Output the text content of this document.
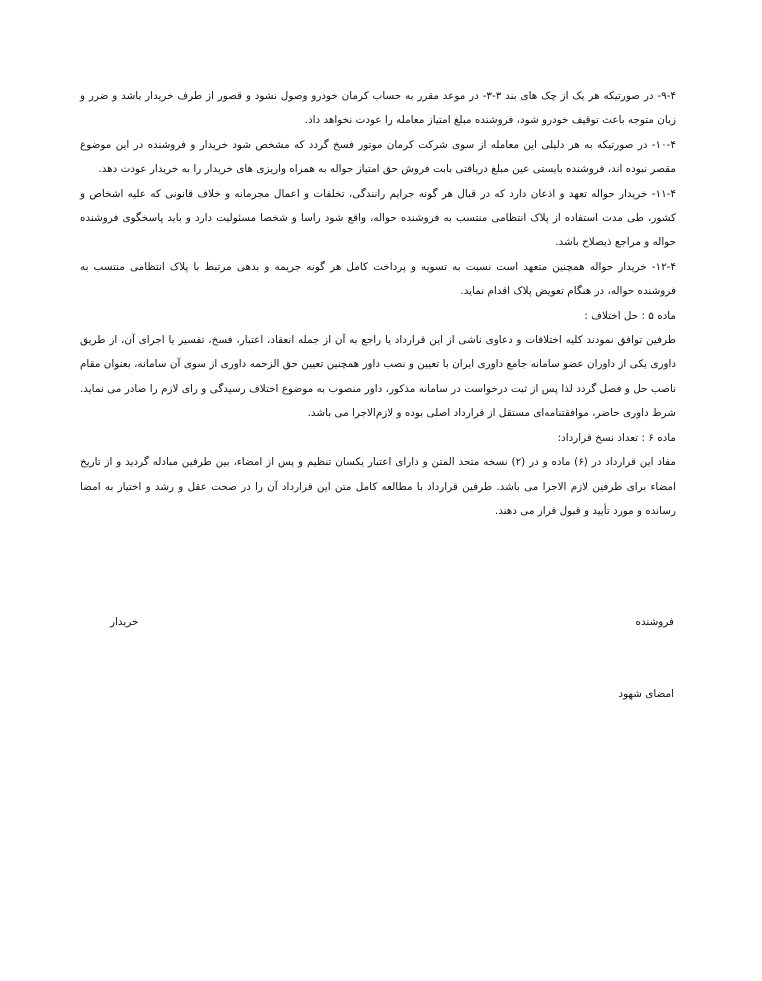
۹-۴- در صورتیکه هر یک از چک های بند ۳-۳- در موعد مقرر به حساب کرمان خودرو وصول نشود و قصور از طرف خریدار باشد و ضرر و زیان متوجه باعث توقیف خودرو شود، فروشنده مبلغ امتیاز معامله را عودت نخواهد داد.

۱۰-۴- در صورتیکه به هر دلیلی این معامله از سوی شرکت کرمان موتور فسخ گردد که مشخص شود خریدار و فروشنده در این موضوع مقصر نبوده اند، فروشنده بایستی عین مبلغ دریافتی بابت فروش حق امتیاز حواله به همراه واریزی های خریدار را به خریدار عودت دهد.

۱۱-۴- خریدار حواله تعهد و اذعان دارد که در قبال هر گونه جرایم رانندگی، تخلفات و اعمال مجرمانه و خلاف قانونی که علیه اشخاص و کشور، طی مدت استفاده از پلاک انتظامی منتسب به فروشنده حواله، واقع شود راسا و شخصا مسئولیت دارد و باید پاسخگوی فروشنده حواله و مراجع ذیصلاح باشد.

۱۲-۴- خریدار حواله همچنین متعهد است نسبت به تسویه و پرداخت کامل هر گونه جریمه و بدهی مرتبط با پلاک انتظامی منتسب به فروشنده حواله، در هنگام تعویض پلاک اقدام نماید.

ماده ۵ : حل اختلاف :

طرفین توافق نمودند کلیه اختلافات و دعاوی ناشی از این قرارداد یا راجع به آن از جمله انعقاد، اعتبار، فسخ، تفسیر یا اجرای آن، از طریق داوری یکی از داوران عضو سامانه جامع داوری ایران با تعیین و نصب داور همچنین تعیین حق الزحمه داوری از سوی آن سامانه، بعنوان مقام ناصب حل و فصل گردد لذا پس از ثبت درخواست در سامانه مذکور، داور منصوب به موضوع اختلاف رسیدگی و رای لازم را صادر می نماید. شرط داوری حاضر، موافقتنامه‌ای مستقل از قرارداد اصلی بوده و لازم‌الاجرا می باشد.

ماده ۶ : تعداد نسخ قرارداد:

مفاد این قرارداد در (۶) ماده و در (۲) نسخه متحد المتن و دارای اعتبار یکسان تنظیم و پس از امضاء، بین طرفین مبادله گردید و از تاریخ امضاء برای طرفین لازم الاجرا می باشد. طرفین قرارداد با مطالعه کامل متن این قرارداد آن را در صحت عقل و رشد و اختیار به امضا رسانده و مورد تأیید و قبول قرار می دهند.

فروشنده
خریدار
امضای شهود
